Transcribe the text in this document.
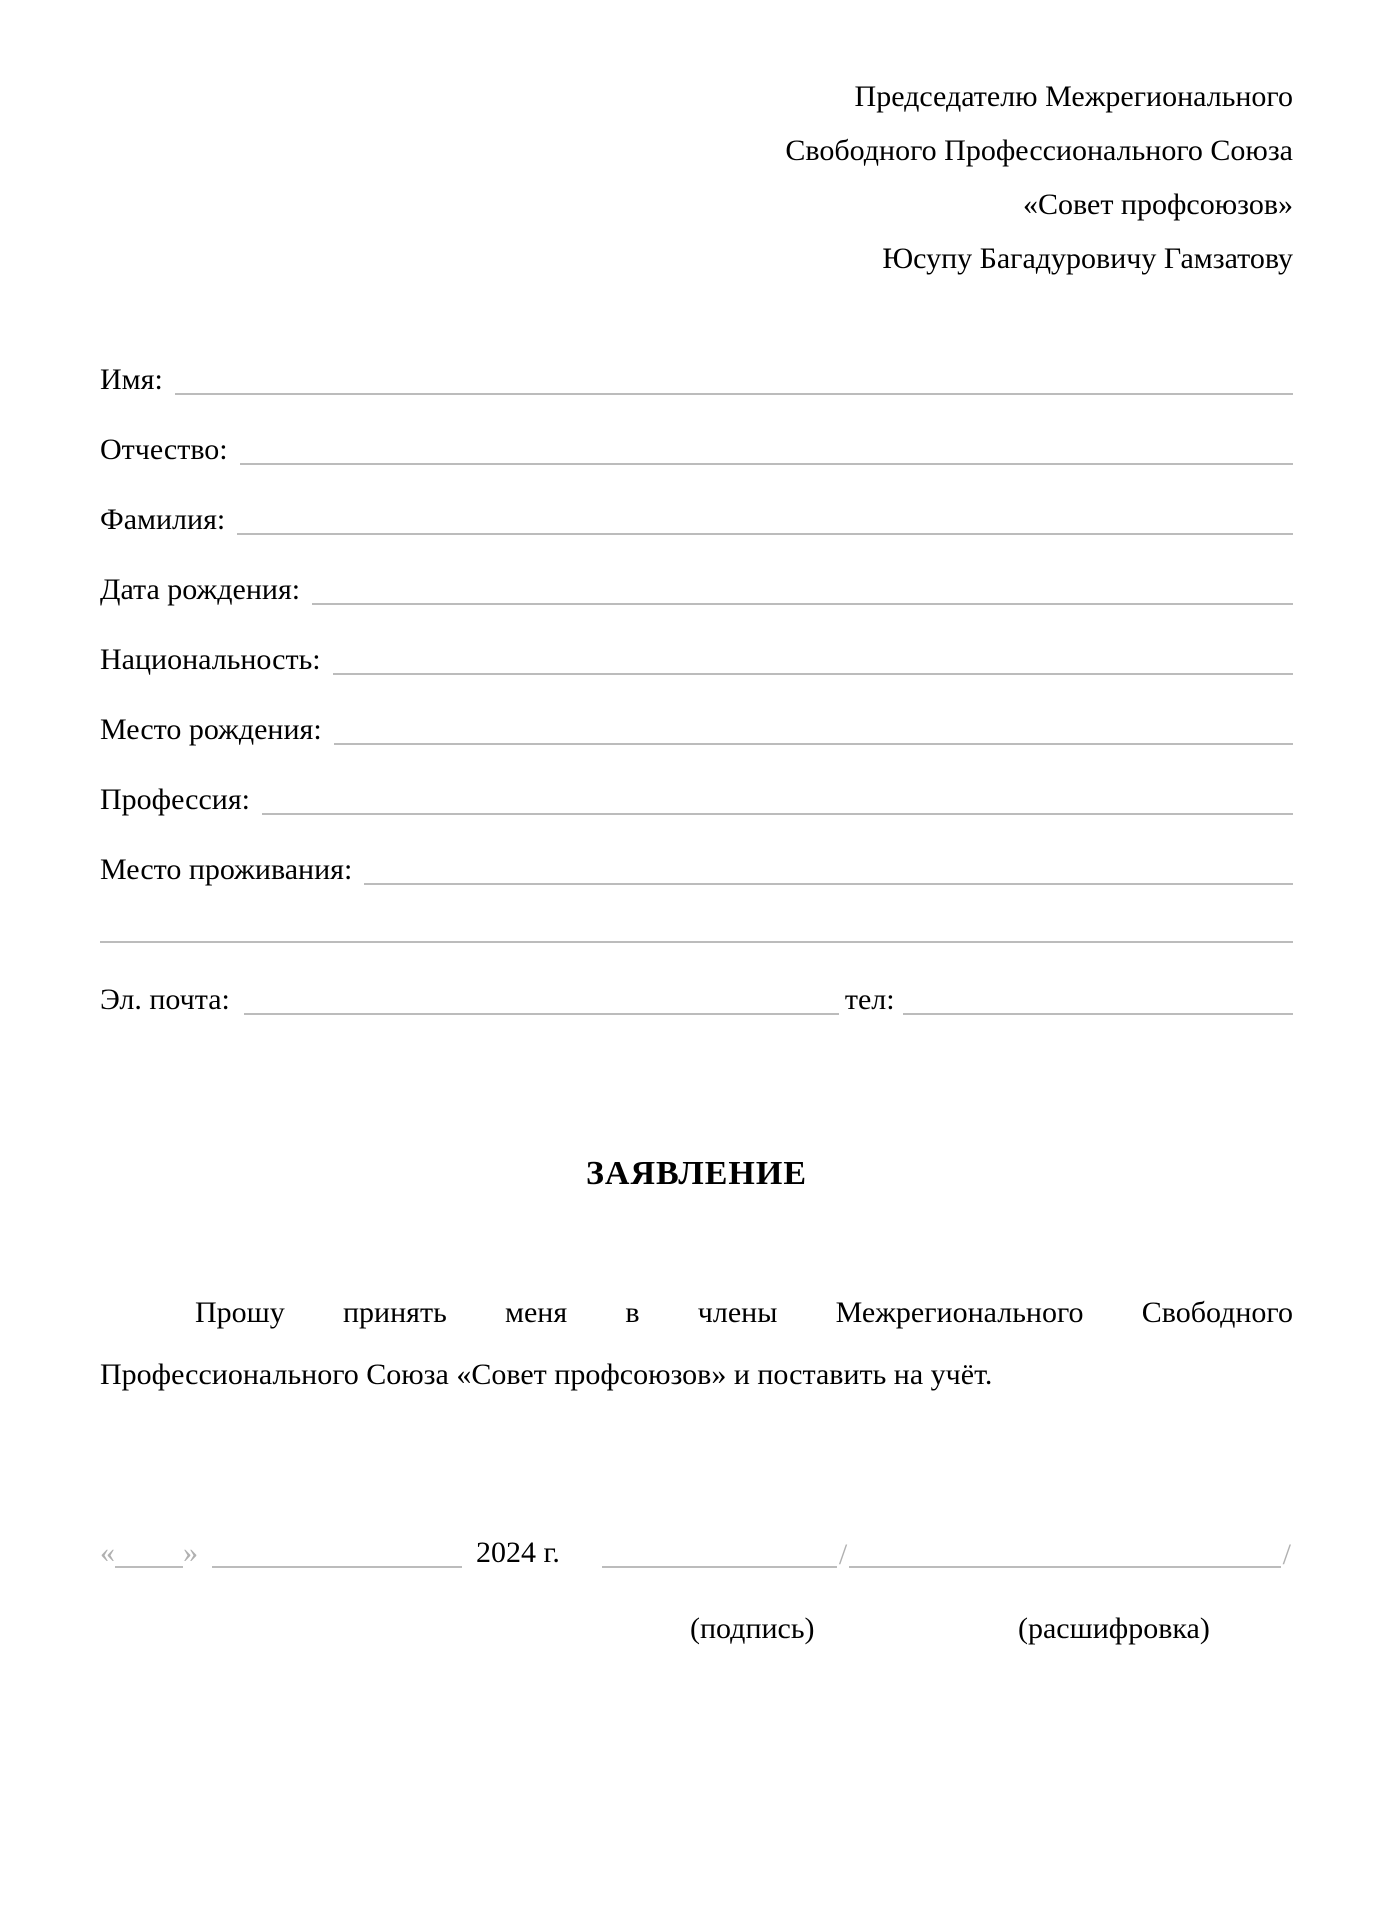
Председателю Межрегионального
Свободного Профессионального Союза
«Совет профсоюзов»
Юсупу Багадуровичу Гамзатову
Имя:
Отчество:
Фамилия:
Дата рождения:
Национальность:
Место рождения:
Профессия:
Место проживания:
Эл. почта:	тел:
ЗАЯВЛЕНИЕ
Прошу принять меня в члены Межрегионального Свободного
Профессионального Союза «Совет профсоюзов» и поставить на учёт.
« »	2024 г.	/	/
(подпись)	(расшифровка)
